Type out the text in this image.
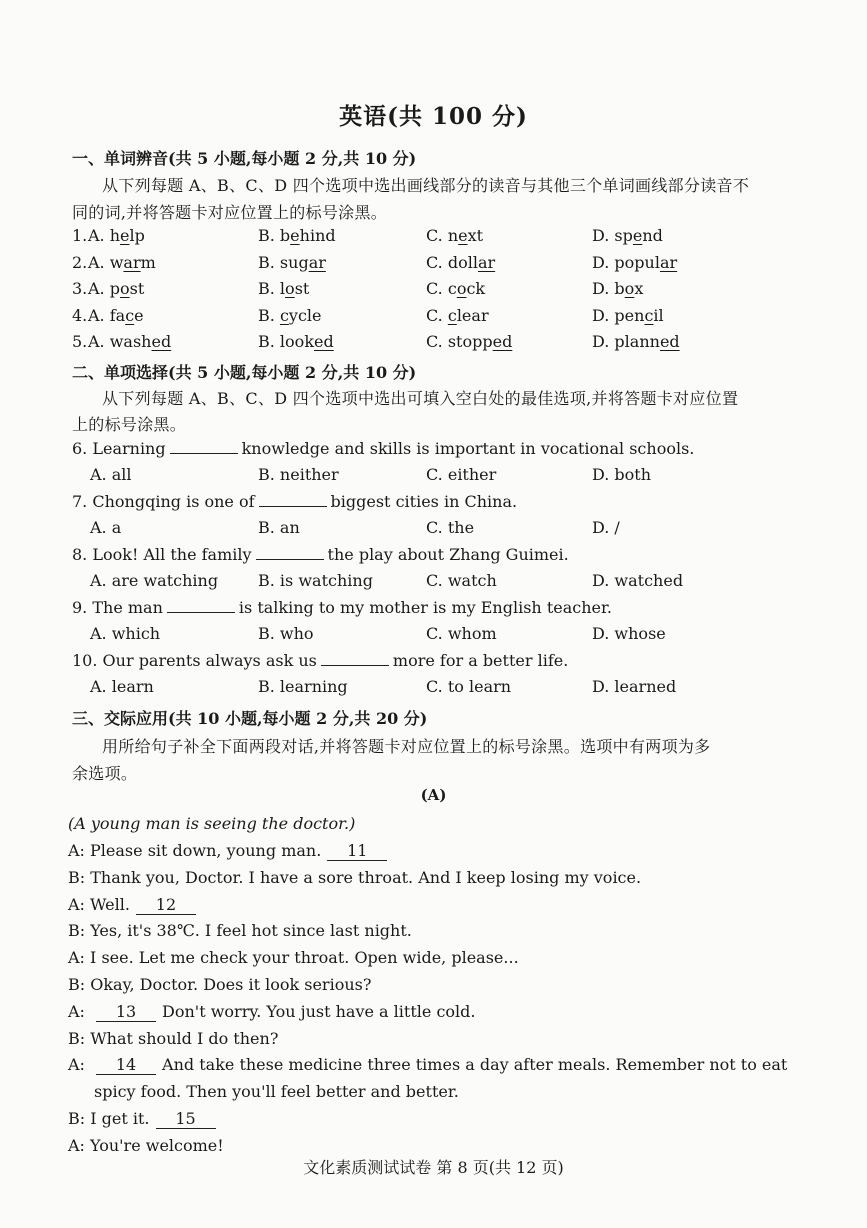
英语(共 100 分)
一、单词辨音(共 5 小题,每小题 2 分,共 10 分)
从下列每题 A、B、C、D 四个选项中选出画线部分的读音与其他三个单词画线部分读音不
同的词,并将答题卡对应位置上的标号涂黑。
1. A. help	B. behind	C. next	D. spend
2. A. warm	B. sugar	C. dollar	D. popular
3. A. post	B. lost	C. cock	D. box
4. A. face	B. cycle	C. clear	D. pencil
5. A. washed	B. looked	C. stopped	D. planned
二、单项选择(共 5 小题,每小题 2 分,共 10 分)
从下列每题 A、B、C、D 四个选项中选出可填入空白处的最佳选项,并将答题卡对应位置
上的标号涂黑。
6. Learning	knowledge and skills is important in vocational schools.
A. all	B. neither	C. either	D. both
7. Chongqing is one of	biggest cities in China.
A. a	B. an	C. the	D. /
8. Look! All the family	the play about Zhang Guimei.
A. are watching B. is watching	C. watch	D. watched
9. The man	is talking to my mother is my English teacher.
A. which	B. who	C. whom	D. whose
10. Our parents always ask us	more for a better life.
A. learn	B. learning	C. to learn	D. learned
三、交际应用(共 10 小题,每小题 2 分,共 20 分)
用所给句子补全下面两段对话,并将答题卡对应位置上的标号涂黑。选项中有两项为多
余选项。
(A)
(A young man is seeing the doctor.)
A: Please sit down, young man. 11
B: Thank you, Doctor. I have a sore throat. And I keep losing my voice.
A: Well. 12
B: Yes, it's 38℃. I feel hot since last night.
A: I see. Let me check your throat. Open wide, please...
B: Okay, Doctor. Does it look serious?
A: 13 Don't worry. You just have a little cold.
B: What should I do then?
A: 14 And take these medicine three times a day after meals. Remember not to eat
spicy food. Then you'll feel better and better.
B: I get it. 15
A: You're welcome!
文化素质测试试卷 第 8 页(共 12 页)
